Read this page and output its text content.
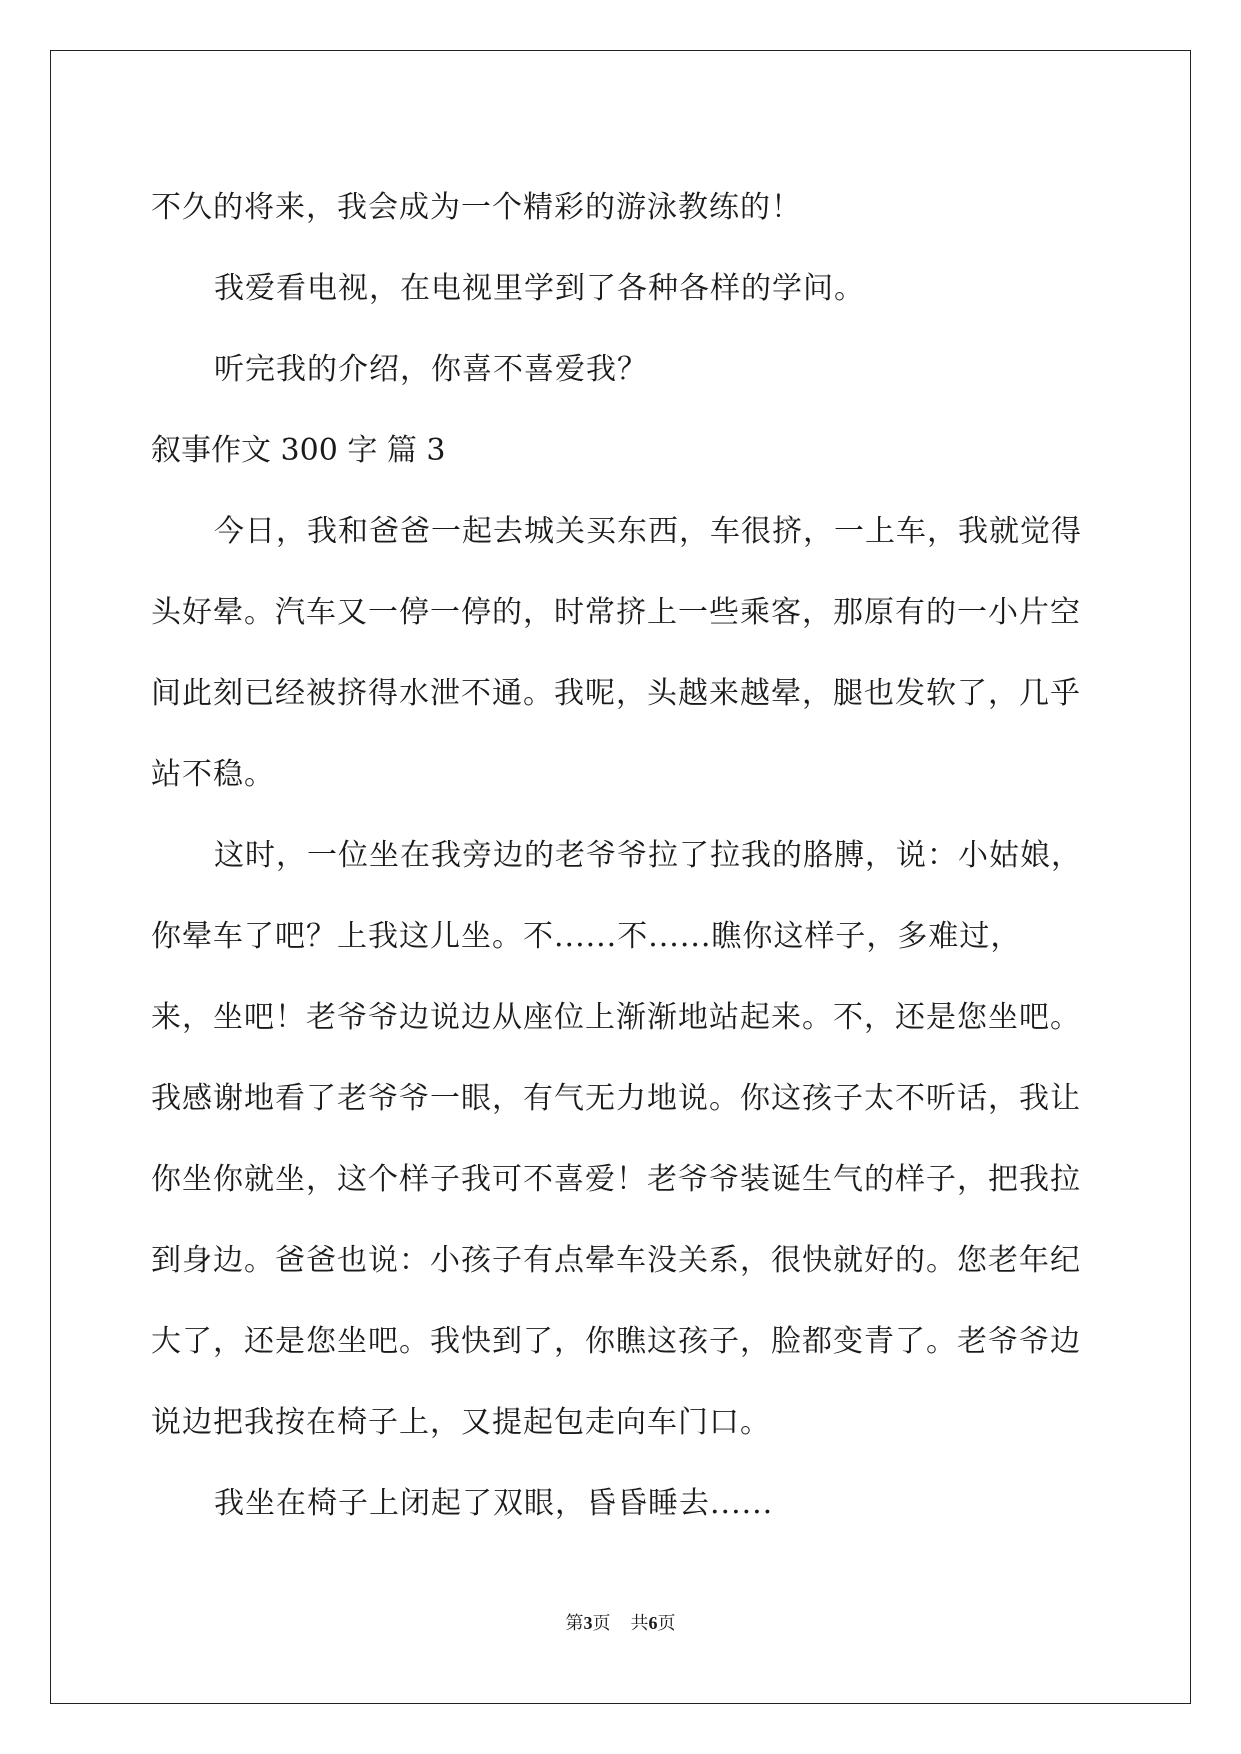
不久的将来，我会成为一个精彩的游泳教练的！
我爱看电视，在电视里学到了各种各样的学问。
听完我的介绍，你喜不喜爱我？
叙事作文 300 字 篇 3
今日，我和爸爸一起去城关买东西，车很挤，一上车，我就觉得
头好晕。汽车又一停一停的，时常挤上一些乘客，那原有的一小片空
间此刻已经被挤得水泄不通。我呢，头越来越晕，腿也发软了，几乎
站不稳。
这时，一位坐在我旁边的老爷爷拉了拉我的胳膊，说：小姑娘，
你晕车了吧？上我这儿坐。不......不......瞧你这样子，多难过，
来，坐吧！老爷爷边说边从座位上渐渐地站起来。不，还是您坐吧。
我感谢地看了老爷爷一眼，有气无力地说。你这孩子太不听话，我让
你坐你就坐，这个样子我可不喜爱！老爷爷装诞生气的样子，把我拉
到身边。爸爸也说：小孩子有点晕车没关系，很快就好的。您老年纪
大了，还是您坐吧。我快到了，你瞧这孩子，脸都变青了。老爷爷边
说边把我按在椅子上，又提起包走向车门口。
我坐在椅子上闭起了双眼，昏昏睡去......
第3页 共6页
